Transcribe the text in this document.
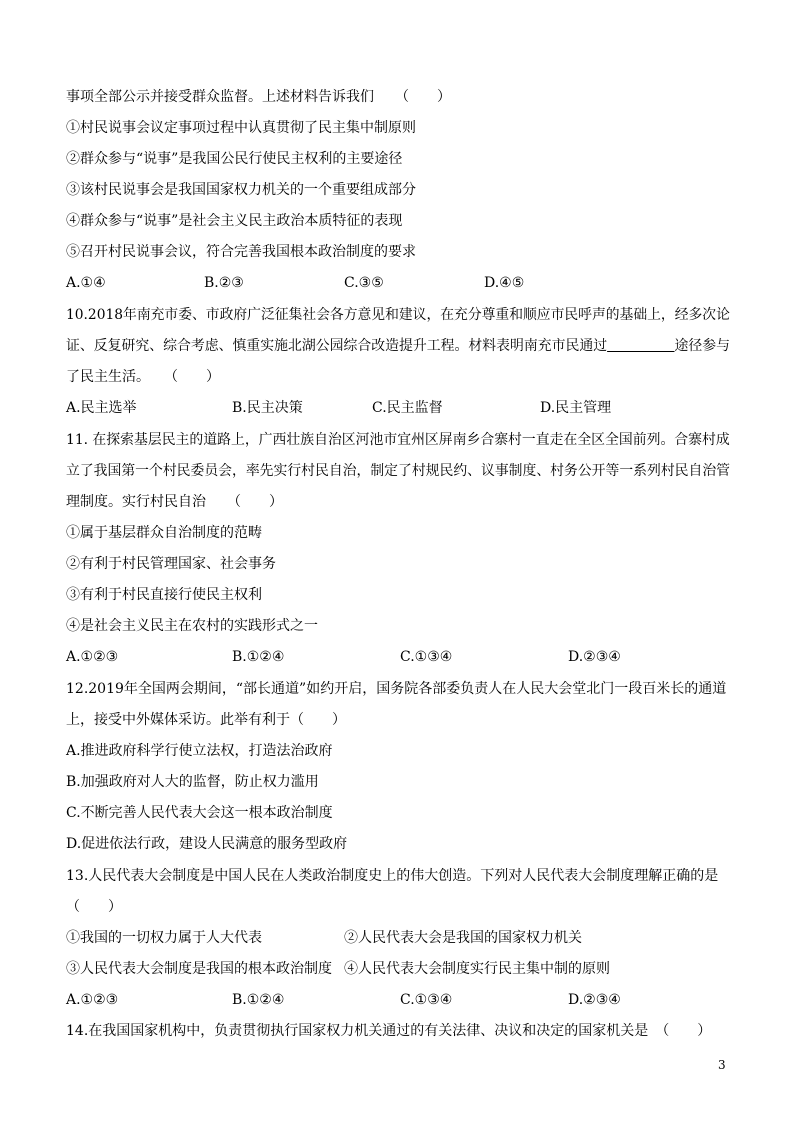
事项全部公示并接受群众监督。上述材料告诉我们　　（　　）
①村民说事会议定事项过程中认真贯彻了民主集中制原则
②群众参与“说事”是我国公民行使民主权利的主要途径
③该村民说事会是我国国家权力机关的一个重要组成部分
④群众参与“说事”是社会主义民主政治本质特征的表现
⑤召开村民说事会议，符合完善我国根本政治制度的要求
A.①④	B.②③	C.③⑤	D.④⑤
10.2018年南充市委、市政府广泛征集社会各方意见和建议，在充分尊重和顺应市民呼声的基础上，经多次论
证、反复研究、综合考虑、慎重实施北湖公园综合改造提升工程。材料表明南充市民通过	途径参与
了民主生活。　　（　　）
A.民主选举	B.民主决策	C.民主监督	D.民主管理
11. 在探索基层民主的道路上，广西壮族自治区河池市宜州区屏南乡合寨村一直走在全区全国前列。合寨村成
立了我国第一个村民委员会，率先实行村民自治，制定了村规民约、议事制度、村务公开等一系列村民自治管
理制度。实行村民自治　　（　　）
①属于基层群众自治制度的范畴
②有利于村民管理国家、社会事务
③有利于村民直接行使民主权利
④是社会主义民主在农村的实践形式之一
A.①②③	B.①②④	C.①③④	D.②③④
12.2019年全国两会期间，“部长通道”如约开启，国务院各部委负责人在人民大会堂北门一段百米长的通道
上，接受中外媒体采访。此举有利于（　　）
A.推进政府科学行使立法权，打造法治政府
B.加强政府对人大的监督，防止权力滥用
C.不断完善人民代表大会这一根本政治制度
D.促进依法行政，建设人民满意的服务型政府
13.人民代表大会制度是中国人民在人类政治制度史上的伟大创造。下列对人民代表大会制度理解正确的是
（　　）
①我国的一切权力属于人大代表	②人民代表大会是我国的国家权力机关
③人民代表大会制度是我国的根本政治制度 ④人民代表大会制度实行民主集中制的原则
A.①②③	B.①②④	C.①③④	D.②③④
14.在我国国家机构中，负责贯彻执行国家权力机关通过的有关法律、决议和决定的国家机关是　（　　）
3
